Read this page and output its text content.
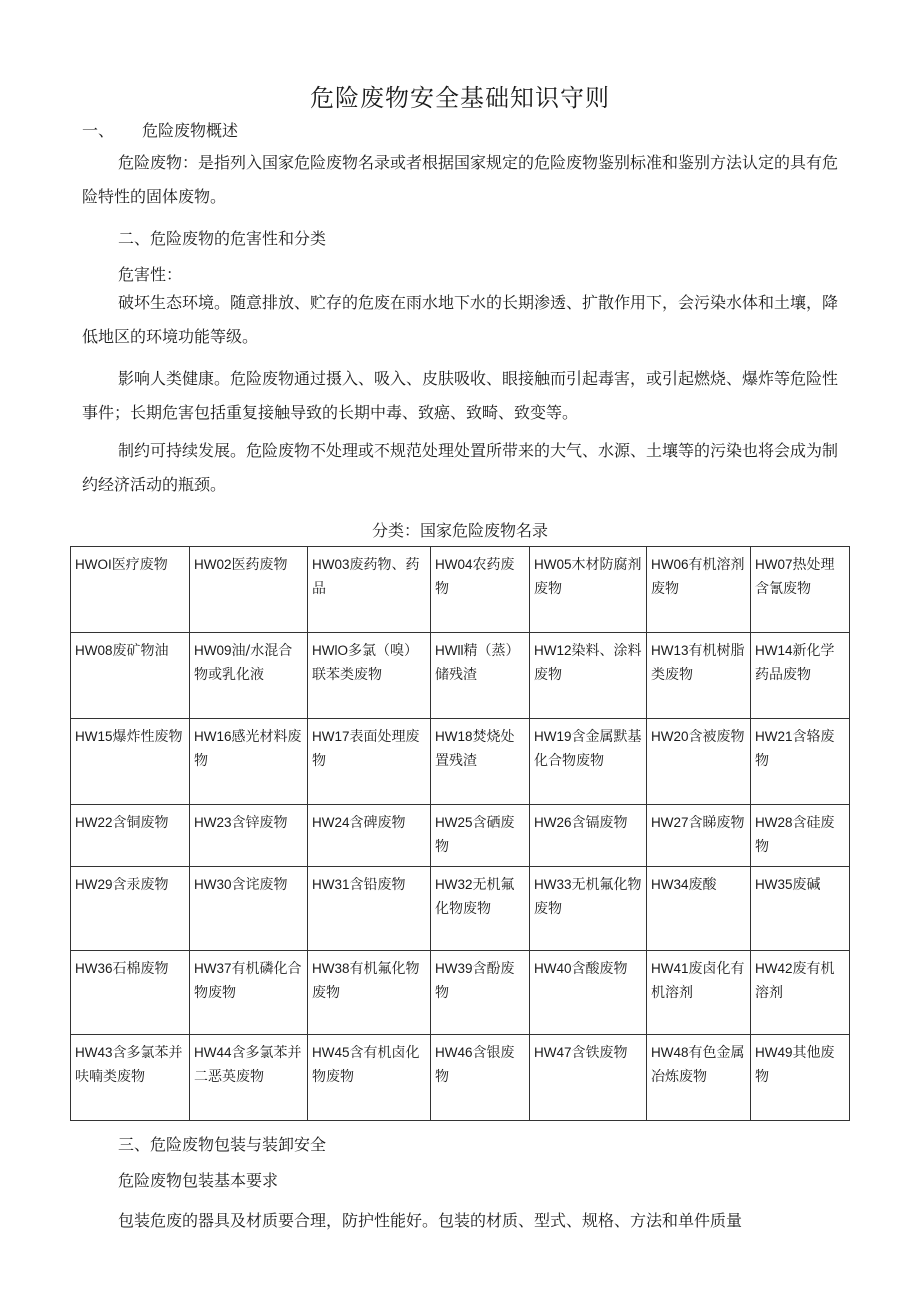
危险废物安全基础知识守则
一、 危险废物概述
危险废物：是指列入国家危险废物名录或者根据国家规定的危险废物鉴别标准和鉴别方法认定的具有危险特性的固体废物。
二、危险废物的危害性和分类
危害性：
破坏生态环境。随意排放、贮存的危废在雨水地下水的长期渗透、扩散作用下，会污染水体和土壤，降低地区的环境功能等级。
影响人类健康。危险废物通过摄入、吸入、皮肤吸收、眼接触而引起毒害，或引起燃烧、爆炸等危险性事件；长期危害包括重复接触导致的长期中毒、致癌、致畸、致变等。
制约可持续发展。危险废物不处理或不规范处理处置所带来的大气、水源、土壤等的污染也将会成为制约经济活动的瓶颈。
分类：国家危险废物名录
HWOI医疗废物	HW02医药废物	HW03废药物、药品	HW04农药废物	HW05木材防腐剂废物	HW06有机溶剂废物	HW07热处理含氰废物
HW08废矿物油	HW09油/水混合物或乳化液	HWlO多氯（嗅）联苯类废物	HWll精（蒸）储残渣	HW12染料、涂料废物	HW13有机树脂类废物	HW14新化学药品废物
HW15爆炸性废物	HW16感光材料废物	HW17表面处理废物	HW18焚烧处置残渣	HW19含金属默基化合物废物	HW20含被废物	HW21含辂废物
HW22含铜废物	HW23含锌废物	HW24含碑废物	HW25含硒废物	HW26含镉废物	HW27含睇废物	HW28含硅废物
HW29含汞废物	HW30含诧废物	HW31含铅废物	HW32无机氟化物废物	HW33无机氟化物废物	HW34废酸	HW35废碱
HW36石棉废物	HW37有机磷化合物废物	HW38有机氟化物废物	HW39含酚废物	HW40含酸废物	HW41废卤化有机溶剂	HW42废有机溶剂
HW43含多氯苯并呋喃类废物	HW44含多氯苯并二恶英废物	HW45含有机卤化物废物	HW46含银废物	HW47含铁废物	HW48有色金属冶炼废物	HW49其他废物
三、危险废物包装与装卸安全
危险废物包装基本要求
包装危废的器具及材质要合理，防护性能好。包装的材质、型式、规格、方法和单件质量
